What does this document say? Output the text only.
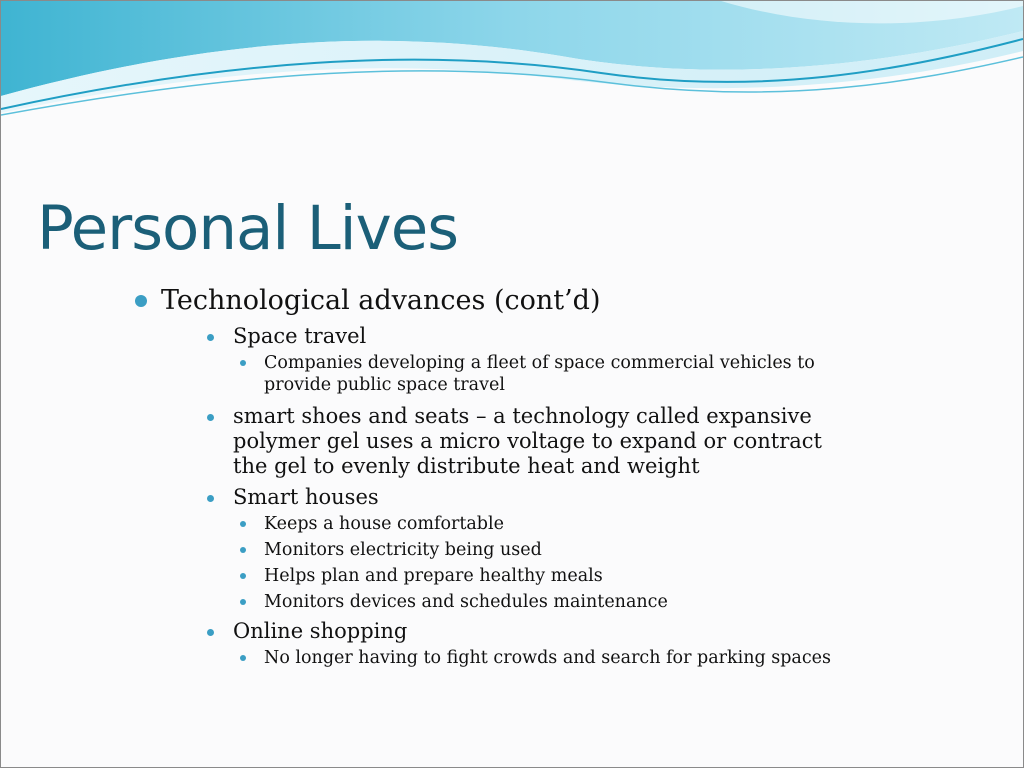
Personal Lives
Technological advances (cont’d)
Space travel
Companies developing a fleet of space commercial vehicles to provide public space travel
smart shoes and seats – a technology called expansive polymer gel uses a micro voltage to expand or contract the gel to evenly distribute heat and weight
Smart houses
Keeps a house comfortable
Monitors electricity being used
Helps plan and prepare healthy meals
Monitors devices and schedules maintenance
Online shopping
No longer having to fight crowds and search for parking spaces
